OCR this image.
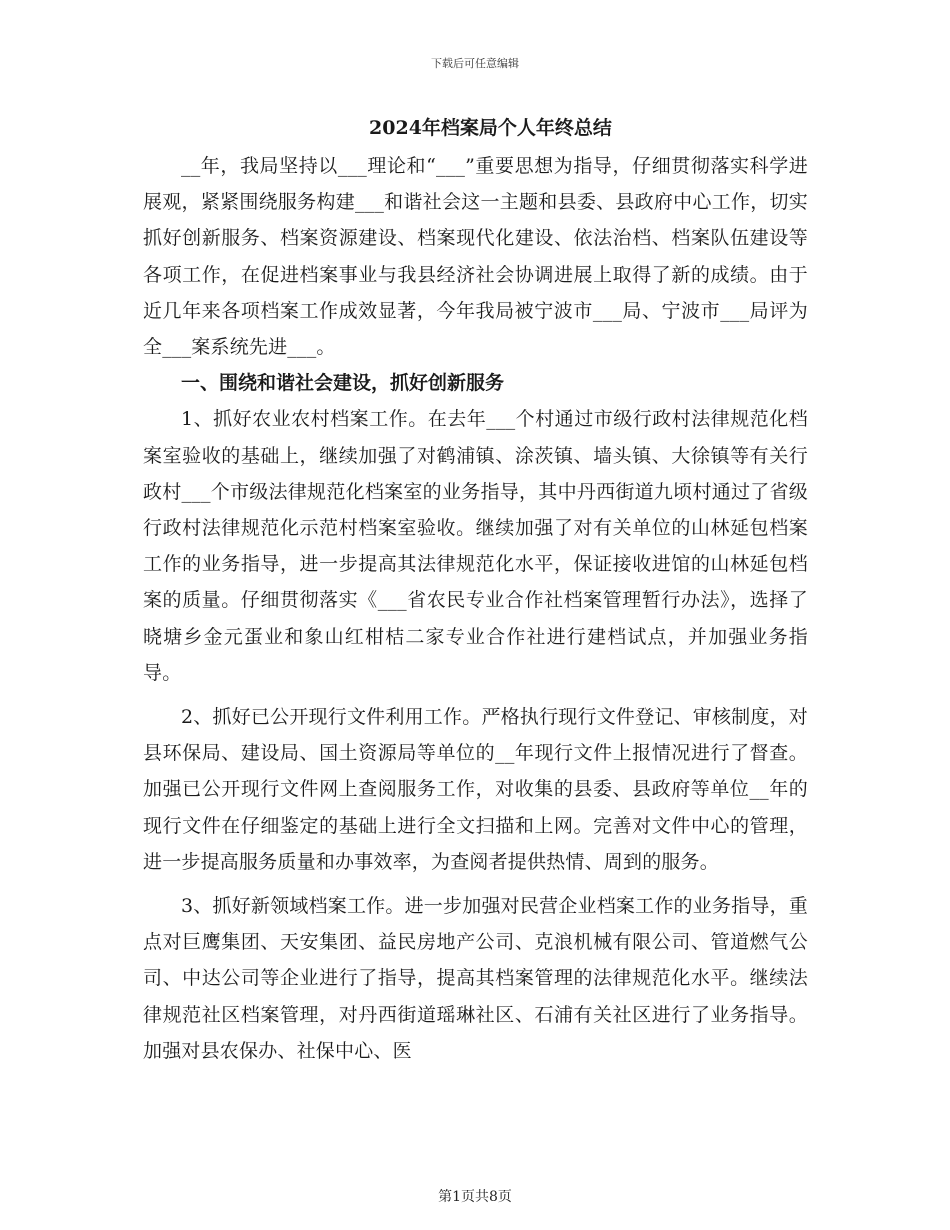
下载后可任意编辑
2024年档案局个人年终总结

__年，我局坚持以___理论和“___”重要思想为指导，仔细贯彻落实科学进展观，紧紧围绕服务构建___和谐社会这一主题和县委、县政府中心工作，切实抓好创新服务、档案资源建设、档案现代化建设、依法治档、档案队伍建设等各项工作，在促进档案事业与我县经济社会协调进展上取得了新的成绩。由于近几年来各项档案工作成效显著，今年我局被宁波市___局、宁波市___局评为全___案系统先进___。

一、围绕和谐社会建设，抓好创新服务

1、抓好农业农村档案工作。在去年___个村通过市级行政村法律规范化档案室验收的基础上，继续加强了对鹤浦镇、涂茨镇、墙头镇、大徐镇等有关行政村___个市级法律规范化档案室的业务指导，其中丹西街道九顷村通过了省级行政村法律规范化示范村档案室验收。继续加强了对有关单位的山林延包档案工作的业务指导，进一步提高其法律规范化水平，保证接收进馆的山林延包档案的质量。仔细贯彻落实《___省农民专业合作社档案管理暂行办法》，选择了晓塘乡金元蛋业和象山红柑桔二家专业合作社进行建档试点，并加强业务指导。

2、抓好已公开现行文件利用工作。严格执行现行文件登记、审核制度，对县环保局、建设局、国土资源局等单位的__年现行文件上报情况进行了督查。加强已公开现行文件网上查阅服务工作，对收集的县委、县政府等单位__年的现行文件在仔细鉴定的基础上进行全文扫描和上网。完善对文件中心的管理，进一步提高服务质量和办事效率，为查阅者提供热情、周到的服务。

3、抓好新领域档案工作。进一步加强对民营企业档案工作的业务指导，重点对巨鹰集团、天安集团、益民房地产公司、克浪机械有限公司、管道燃气公司、中达公司等企业进行了指导，提高其档案管理的法律规范化水平。继续法律规范社区档案管理，对丹西街道瑶琳社区、石浦有关社区进行了业务指导。加强对县农保办、社保中心、医

第1页共8页
